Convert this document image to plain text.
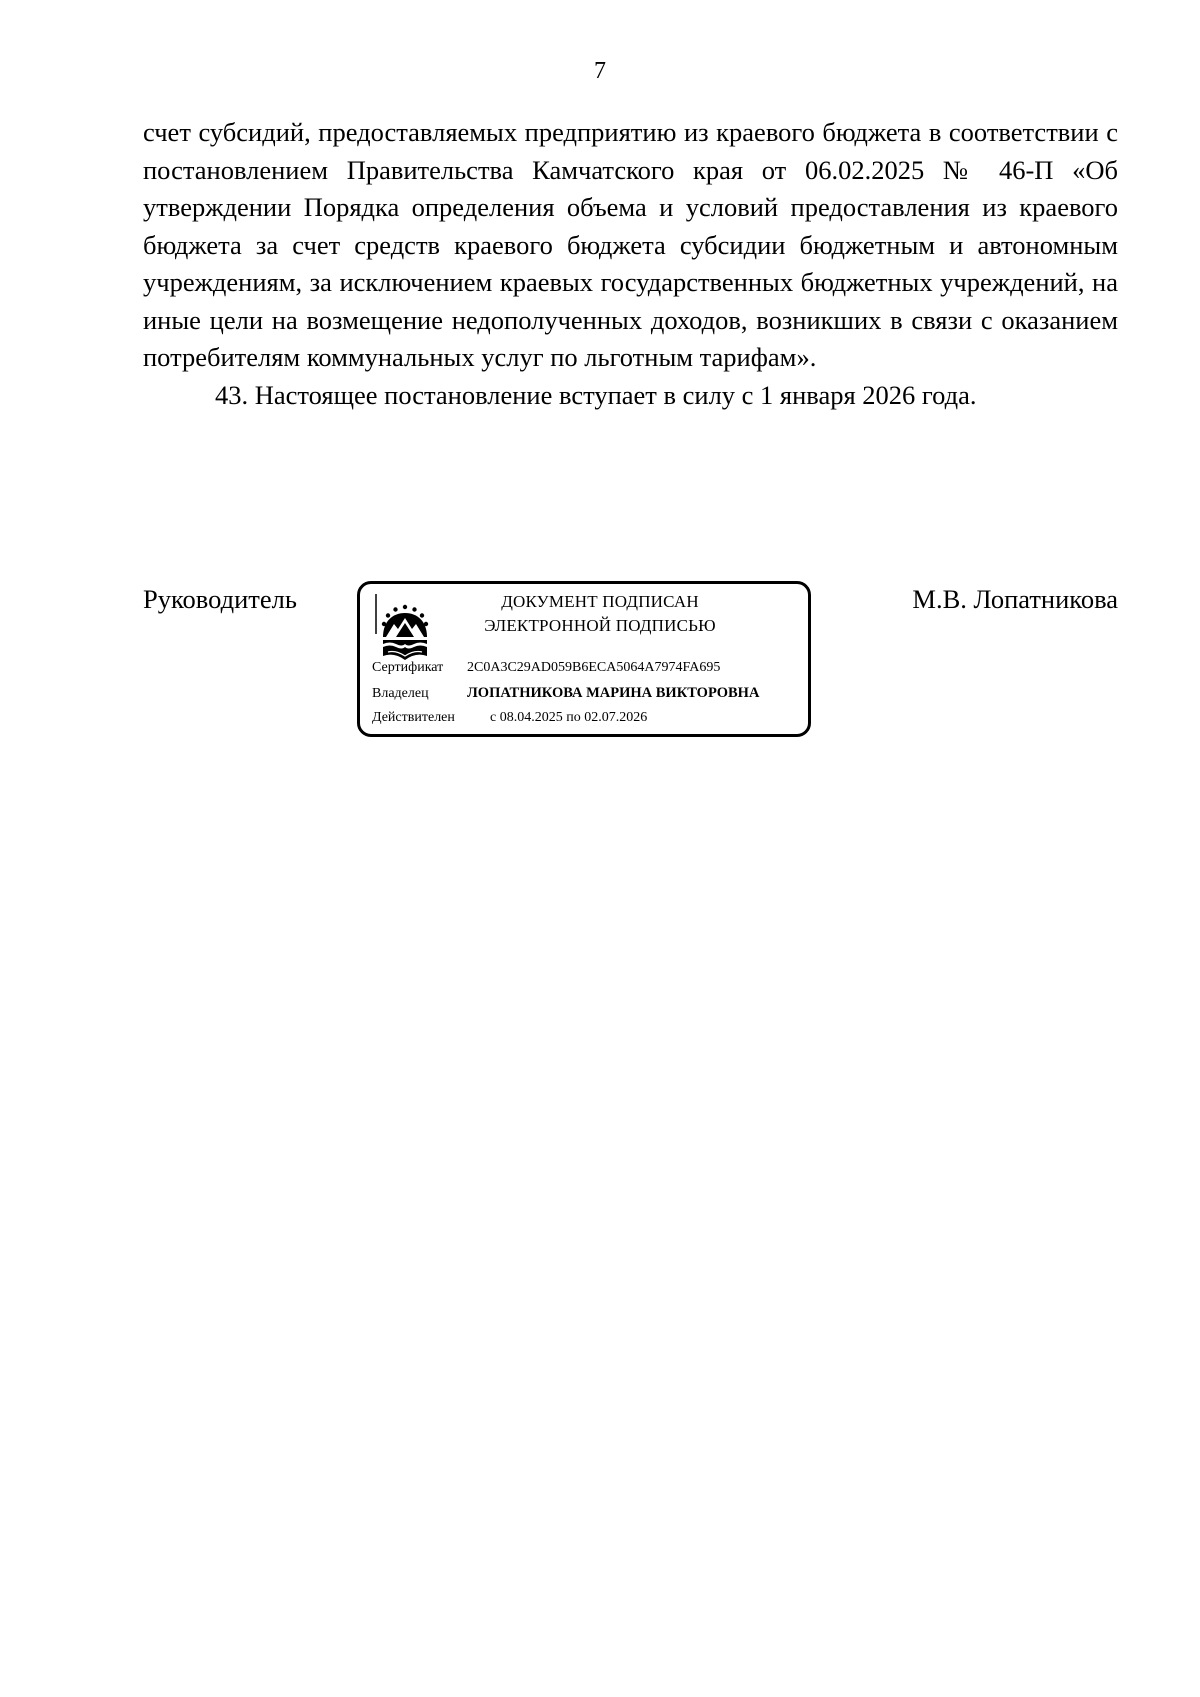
7

счет субсидий, предоставляемых предприятию из краевого бюджета в соответствии с постановлением Правительства Камчатского края от 06.02.2025 № 46-П «Об утверждении Порядка определения объема и условий предоставления из краевого бюджета за счет средств краевого бюджета субсидии бюджетным и автономным учреждениям, за исключением краевых государственных бюджетных учреждений, на иные цели на возмещение недополученных доходов, возникших в связи с оказанием потребителям коммунальных услуг по льготным тарифам».

43. Настоящее постановление вступает в силу с 1 января 2026 года.

Руководитель	ДОКУМЕНТ ПОДПИСАН
ЭЛЕКТРОННОЙ ПОДПИСЬЮ
Сертификат 2C0A3C29AD059B6ECA5064A7974FA695
Владелец	ЛОПАТНИКОВА МАРИНА ВИКТОРОВНА
Действителен	с 08.04.2025 по 02.07.2026
М.В. Лопатникова
